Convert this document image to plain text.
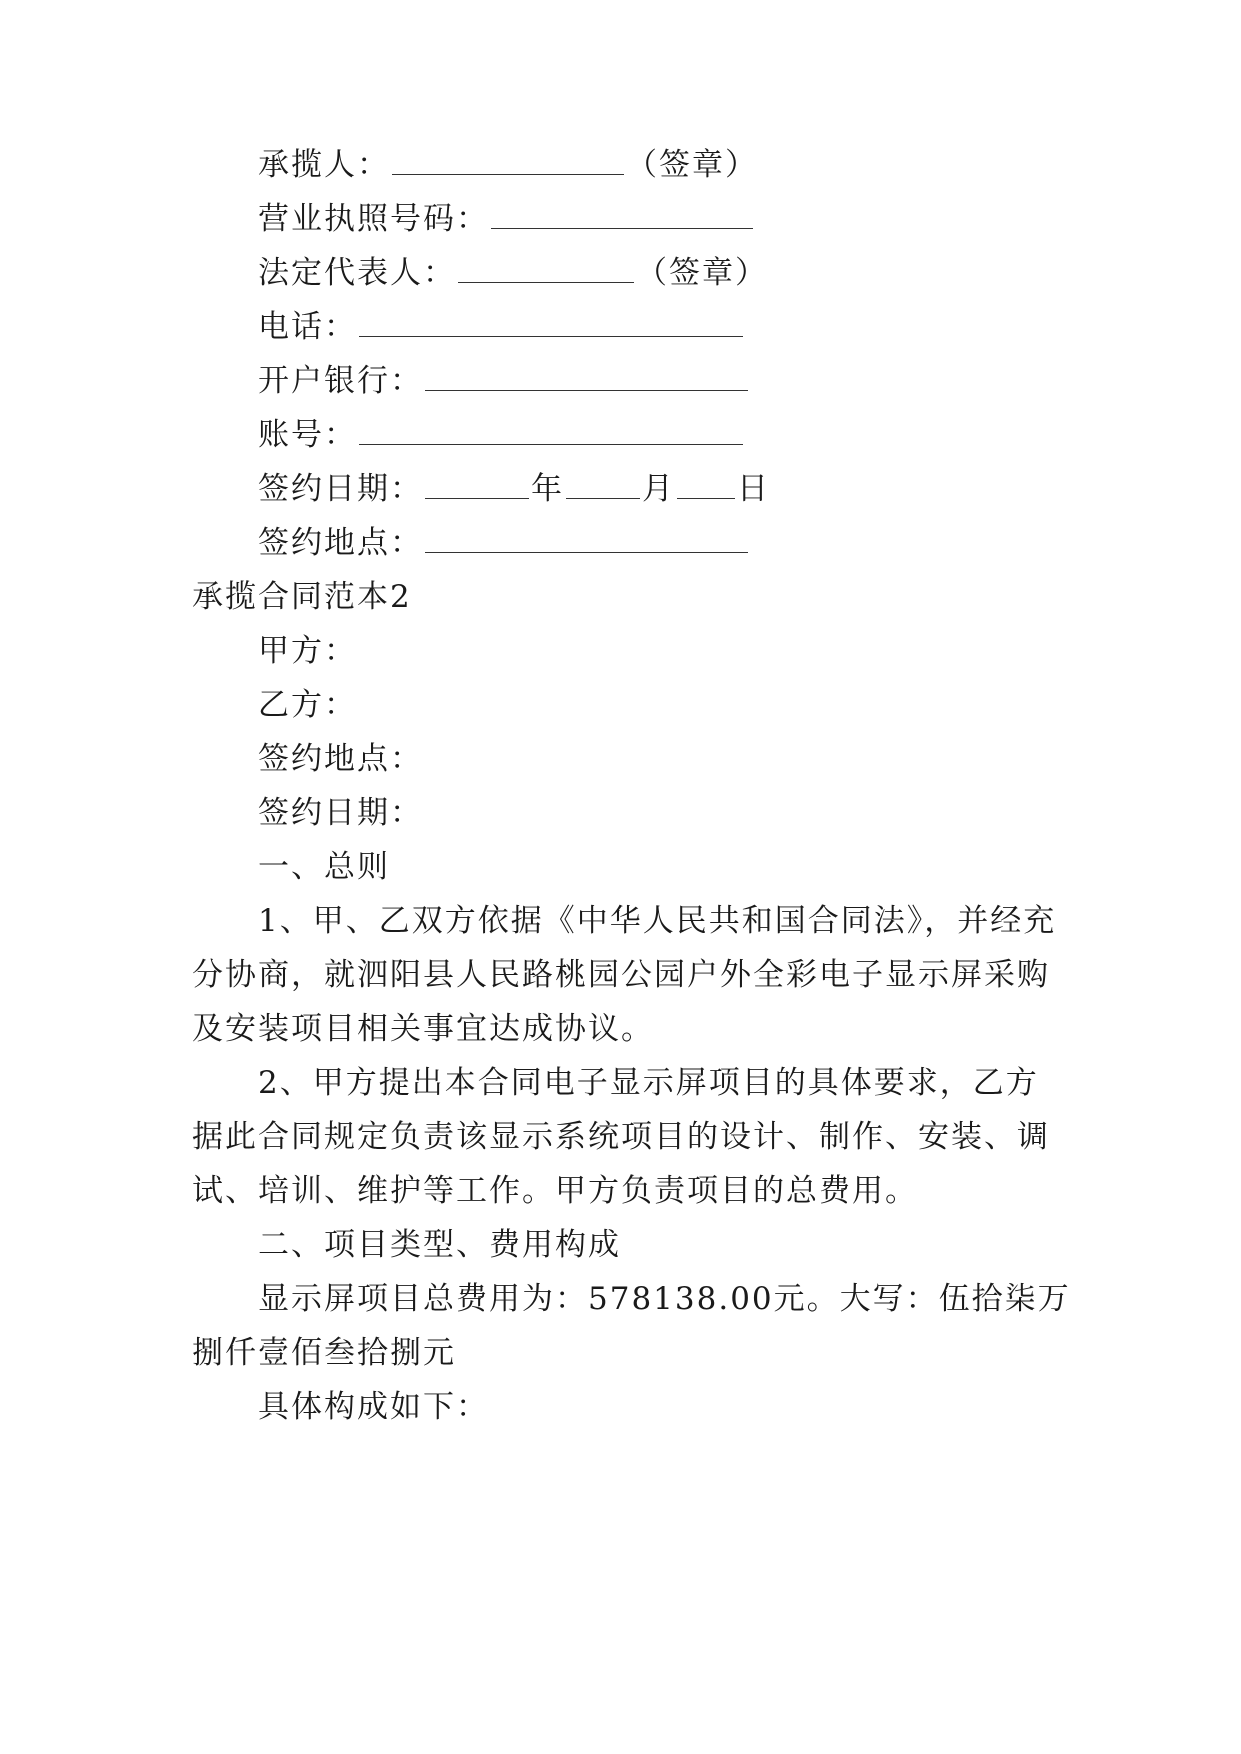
承揽人：	（签章）
营业执照号码：
法定代表人：	（签章）
电话：
开户银行：
账号：
签约日期：	年	月 日
签约地点：
承揽合同范本2
甲方：
乙方：
签约地点：
签约日期：
一、总则
1、甲、乙双方依据《中华人民共和国合同法》，并经充
分协商，就泗阳县人民路桃园公园户外全彩电子显示屏采购
及安装项目相关事宜达成协议。
2、甲方提出本合同电子显示屏项目的具体要求，乙方
据此合同规定负责该显示系统项目的设计、制作、安装、调
试、培训、维护等工作。甲方负责项目的总费用。
二、项目类型、费用构成
显示屏项目总费用为：578138.00元。大写：伍拾柒万
捌仟壹佰叁拾捌元
具体构成如下：
